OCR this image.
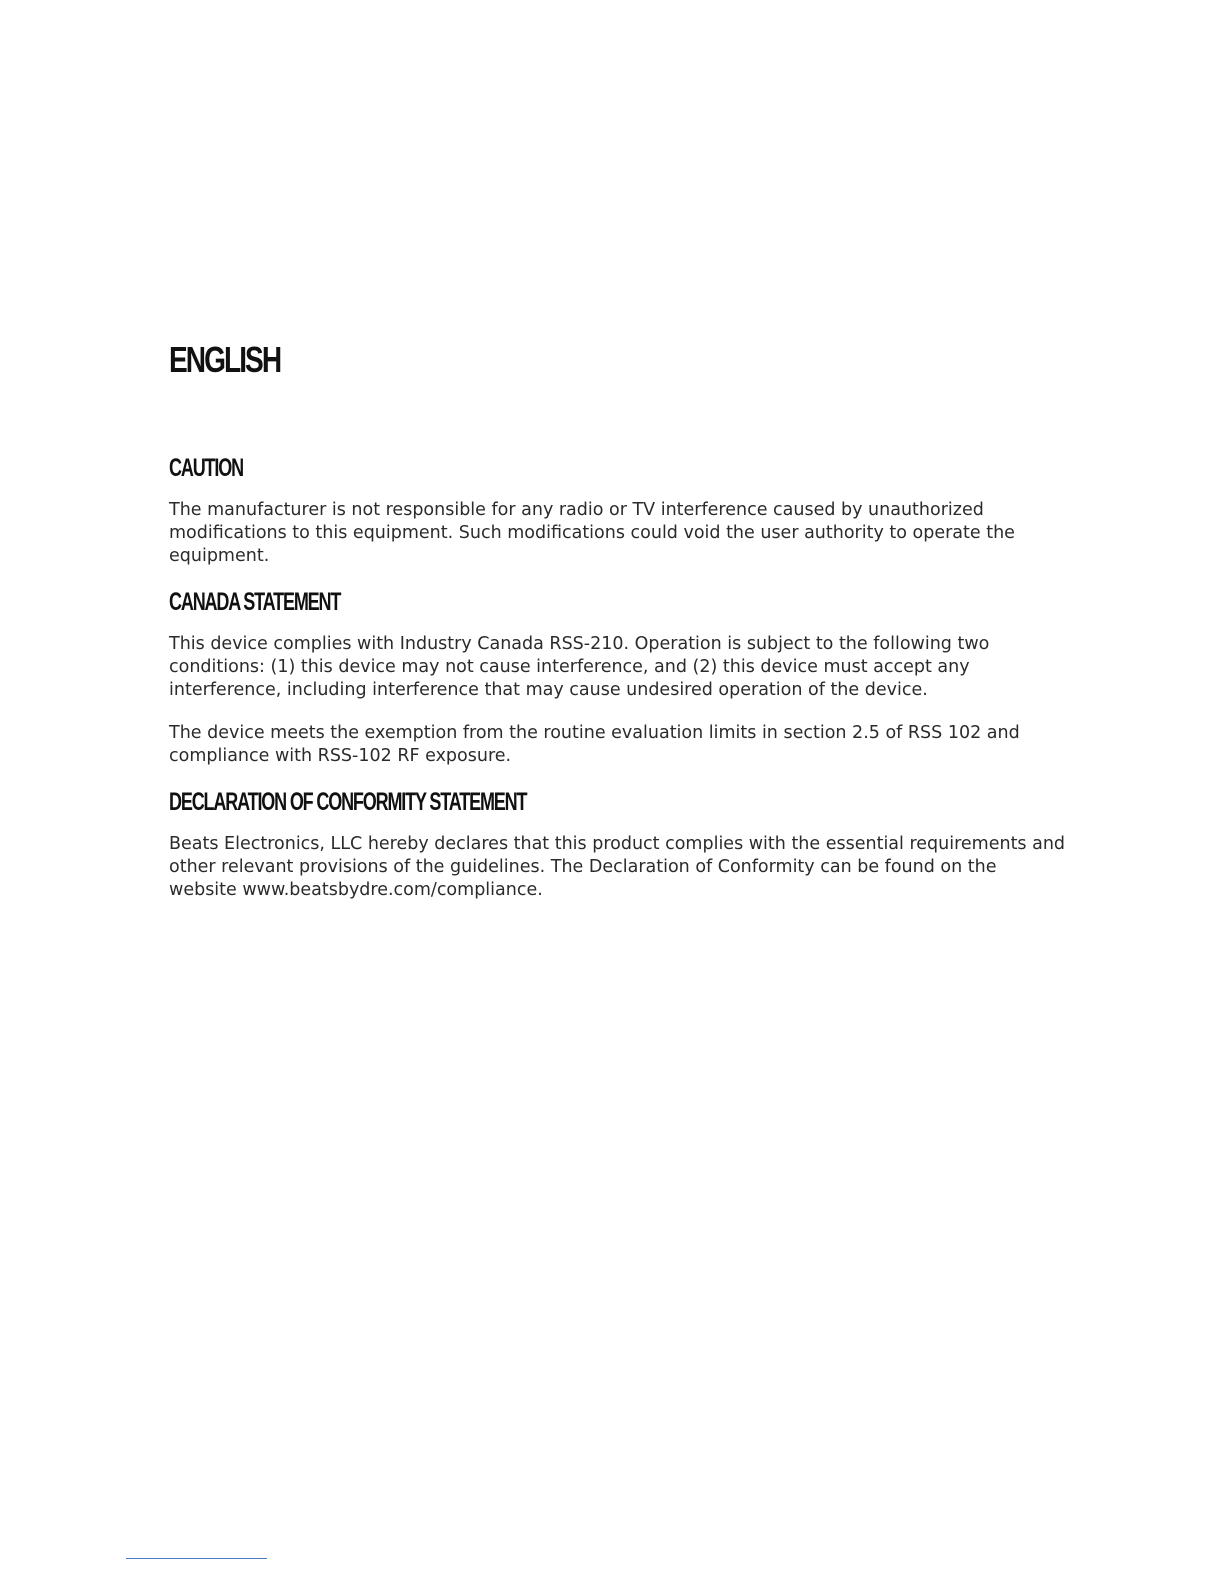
ENGLISH
CAUTION

The manufacturer is not responsible for any radio or TV interference caused by unauthorized modifications to this equipment. Such modifications could void the user authority to operate the equipment.

CANADA STATEMENT

This device complies with Industry Canada RSS-210. Operation is subject to the following two conditions: (1) this device may not cause interference, and (2) this device must accept any interference, including interference that may cause undesired operation of the device.

The device meets the exemption from the routine evaluation limits in section 2.5 of RSS 102 and compliance with RSS-102 RF exposure.

DECLARATION OF CONFORMITY STATEMENT

Beats Electronics, LLC hereby declares that this product complies with the essential requirements and other relevant provisions of the guidelines. The Declaration of Conformity can be found on the website www.beatsbydre.com/compliance.
